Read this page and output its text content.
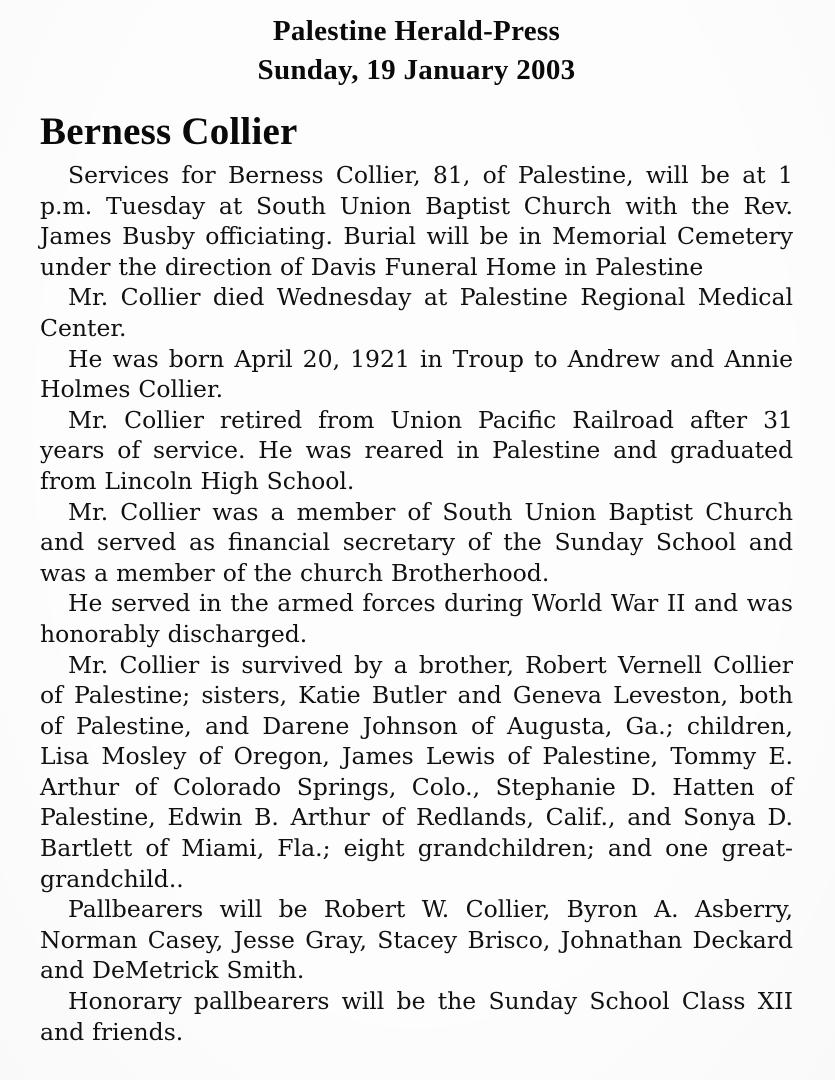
Palestine Herald-Press
Sunday, 19 January 2003
Berness Collier

Services for Berness Collier, 81, of Palestine, will be at 1 p.m. Tuesday at South Union Baptist Church with the Rev. James Busby officiating. Burial will be in Memorial Cemetery under the direction of Davis Funeral Home in Palestine

Mr. Collier died Wednesday at Palestine Regional Medical Center.

He was born April 20, 1921 in Troup to Andrew and Annie Holmes Collier.

Mr. Collier retired from Union Pacific Railroad after 31 years of service. He was reared in Palestine and graduated from Lincoln High School.

Mr. Collier was a member of South Union Baptist Church and served as financial secretary of the Sunday School and was a member of the church Brotherhood.

He served in the armed forces during World War II and was honorably discharged.

Mr. Collier is survived by a brother, Robert Vernell Collier of Palestine; sisters, Katie Butler and Geneva Leveston, both of Palestine, and Darene Johnson of Augusta, Ga.; children, Lisa Mosley of Oregon, James Lewis of Palestine, Tommy E. Arthur of Colorado Springs, Colo., Stephanie D. Hatten of Palestine, Edwin B. Arthur of Redlands, Calif., and Sonya D. Bartlett of Miami, Fla.; eight grandchildren; and one great-grandchild..

Pallbearers will be Robert W. Collier, Byron A. Asberry, Norman Casey, Jesse Gray, Stacey Brisco, Johnathan Deckard and DeMetrick Smith.

Honorary pallbearers will be the Sunday School Class XII and friends.
